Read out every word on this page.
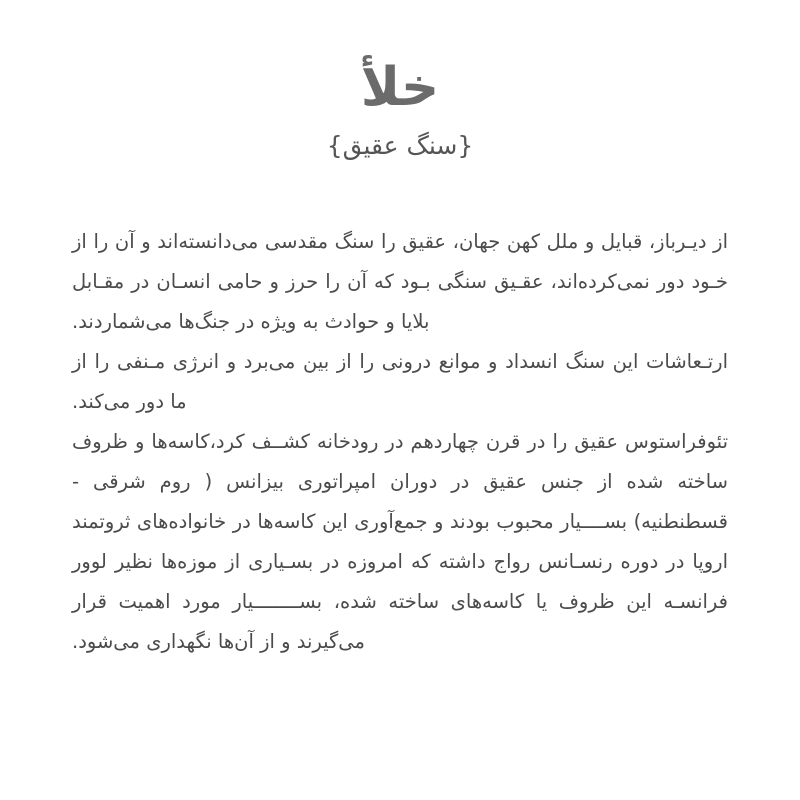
خلأ
{سنگ عقیق}

از دیـرباز، قبایل و ملل کهن جهان، عقیق را سنگ مقدسی می‌دانسته‌اند و آن را از خـود دور نمی‌کرده‌اند، عقـیق سنگی بـود که آن را حرز و حامی انسـان در مقـابل بلایا و حوادث به ویژه در جنگ‌ها می‌شماردند.

ارتـعاشات این سنگ انسداد و موانع درونی را از بین می‌برد و انرژی مـنفی را از ما دور می‌کند.

تئوفراستوس عقیق را در قرن چهاردهم در رودخانه کشــف کرد،کاسه‌ها و ظروف ساخته شده از جنس عقیق در دوران امپراتوری بیزانس ( روم شرقی - قسطنطنیه) بســــیار محبوب بودند و جمع‌آوری این کاسه‌ها در خانواده‌های ثروتمند اروپا در دوره رنسـانس رواج داشته که امروزه در بسـیاری از موزه‌ها نظیر لوور فرانسـه این ظروف یا کاسه‌های ساخته شده، بســــــــیار مورد اهمیت قرار می‌گیرند و از آن‌ها نگهداری می‌شود.
